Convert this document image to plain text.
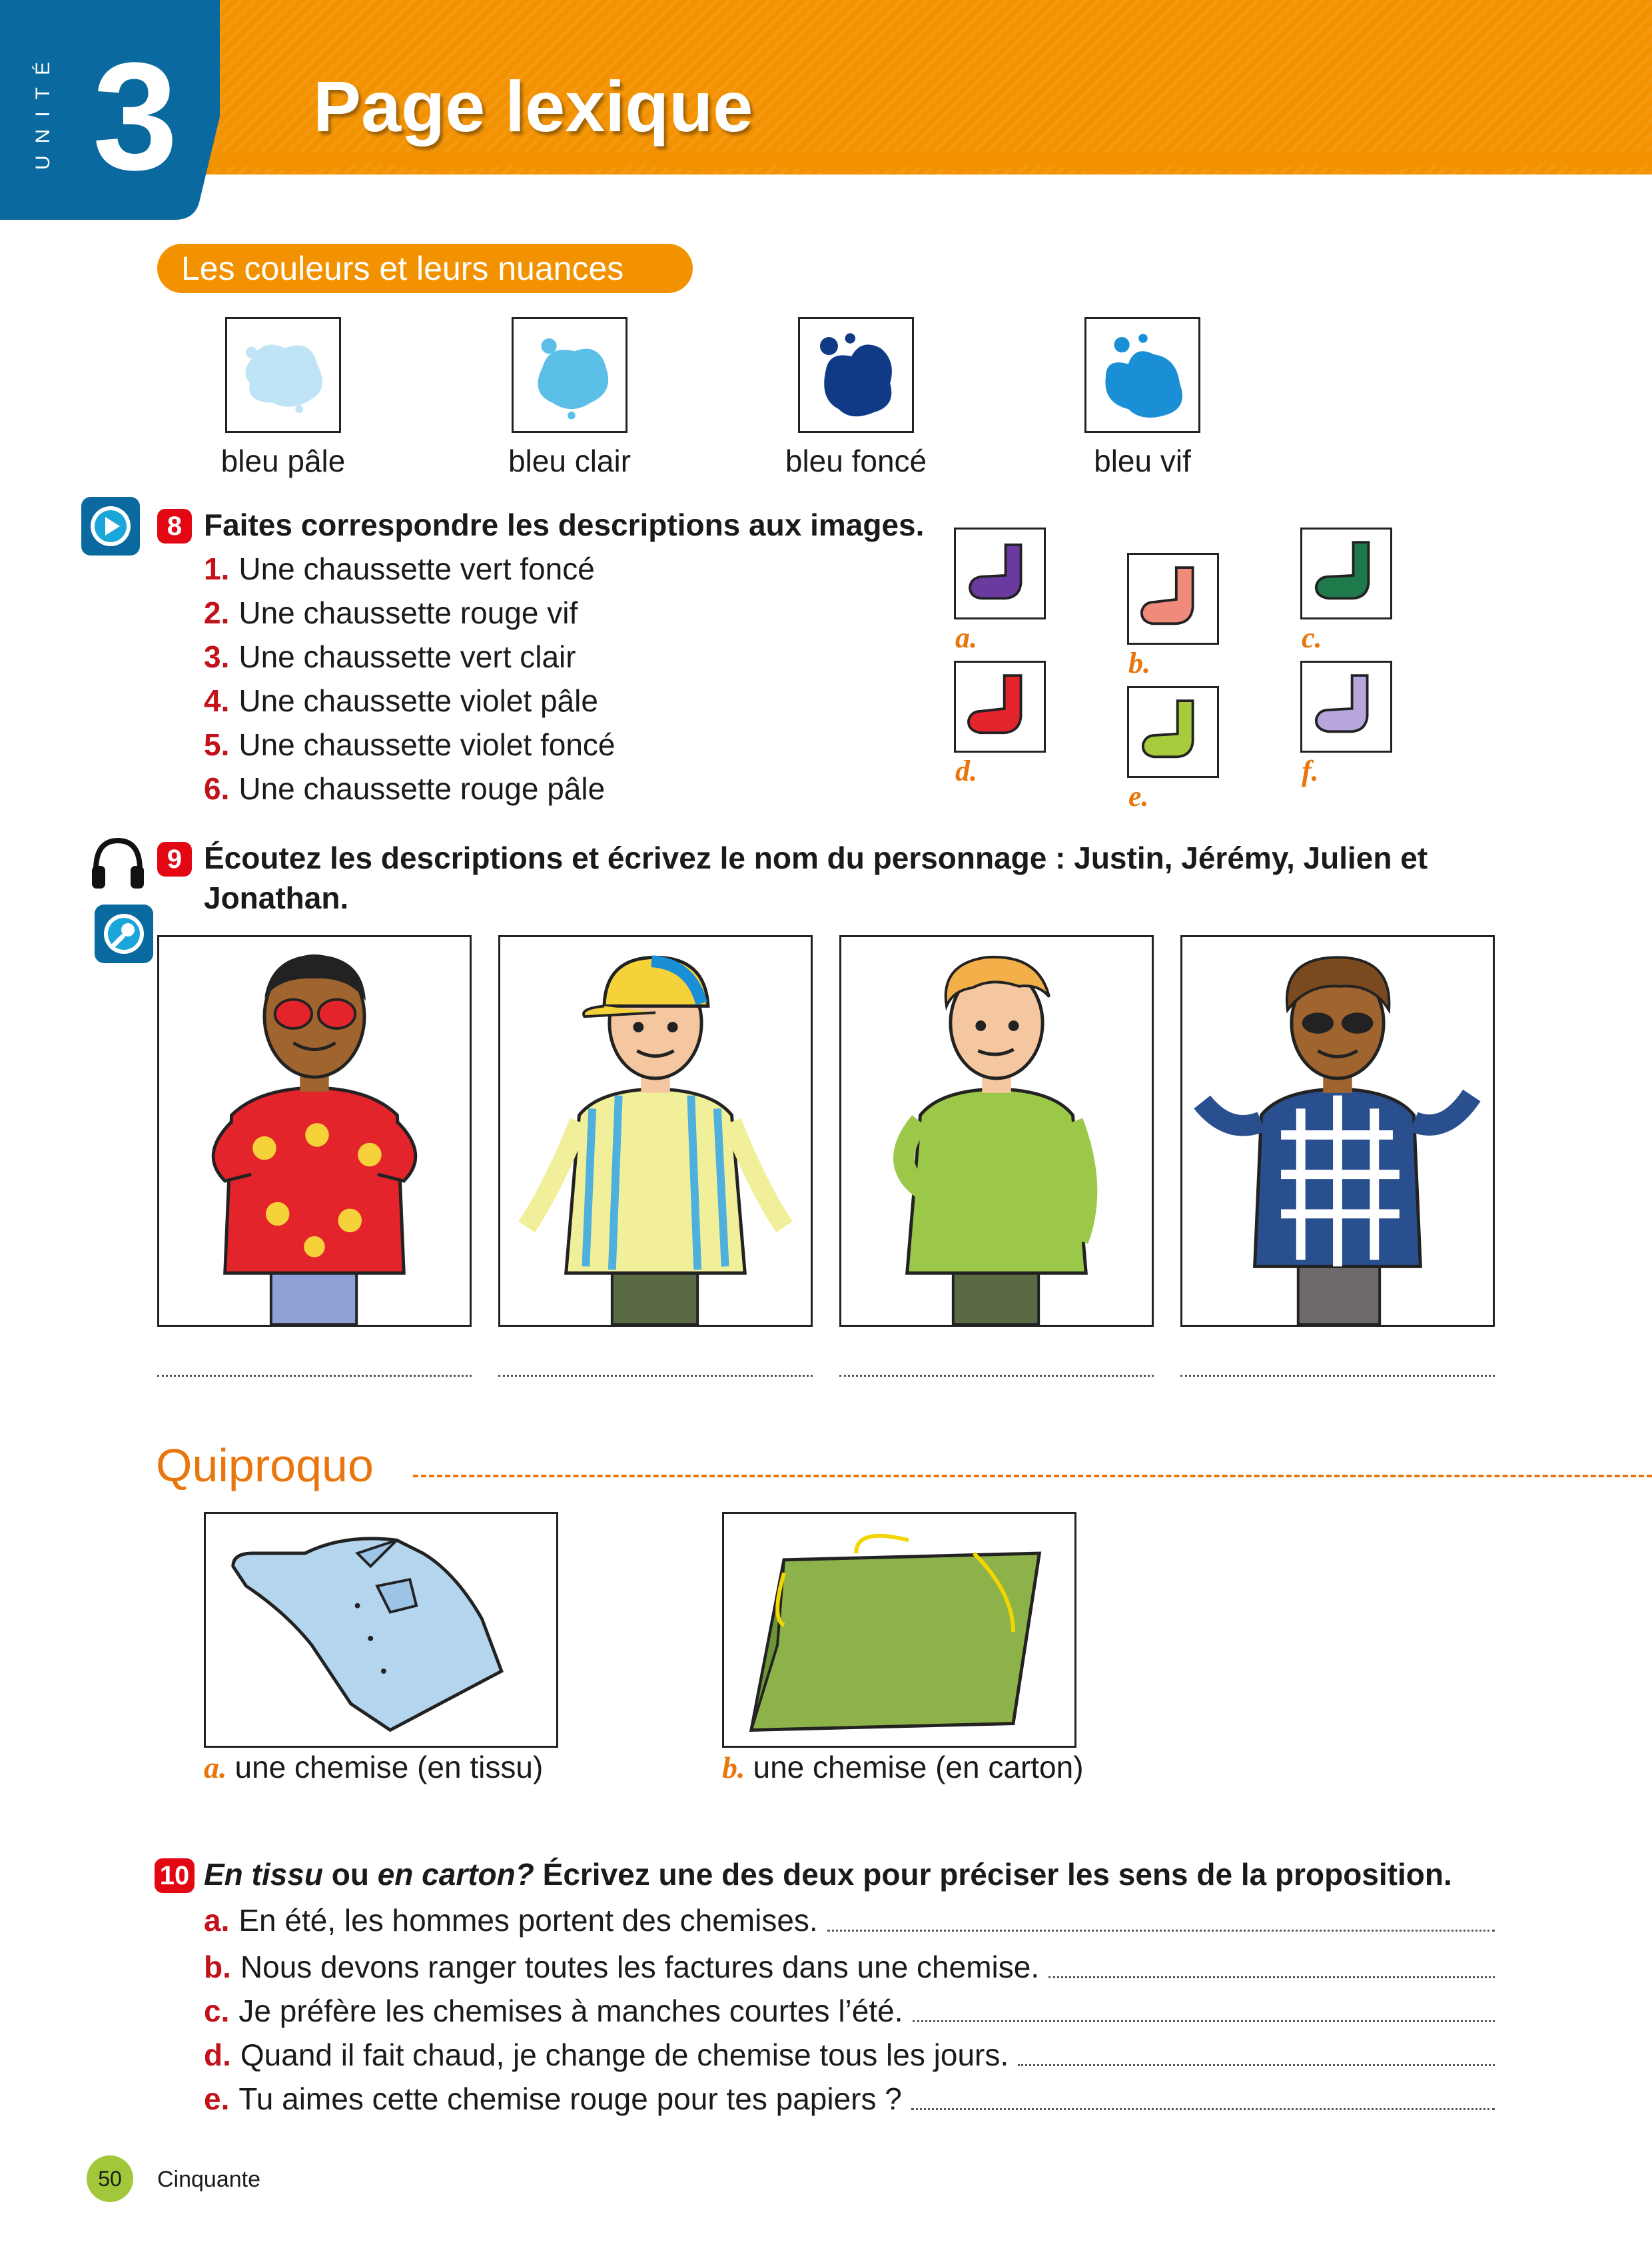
UNITÉ 3 Page lexique
Les couleurs et leurs nuances
bleu pâle	bleu clair	bleu foncé	bleu vif
8 Faites correspondre les descriptions aux images.
1. Une chaussette vert foncé
2. Une chaussette rouge vif
3. Une chaussette vert clair
4. Une chaussette violet pâle
5. Une chaussette violet foncé
6. Une chaussette rouge pâle
a.
b.
c.
d.
e.
f.
9 Écoutez les descriptions et écrivez le nom du personnage : Justin, Jérémy, Julien et
Jonathan.
Quiproquo
a. une chemise (en tissu)	b. une chemise (en carton)
10 En tissu ou en carton? Écrivez une des deux pour préciser les sens de la proposition.
a. En été, les hommes portent des chemises.
b. Nous devons ranger toutes les factures dans une chemise.
c. Je préfère les chemises à manches courtes l’été.
d. Quand il fait chaud, je change de chemise tous les jours.
e. Tu aimes cette chemise rouge pour tes papiers ?
50	Cinquante
